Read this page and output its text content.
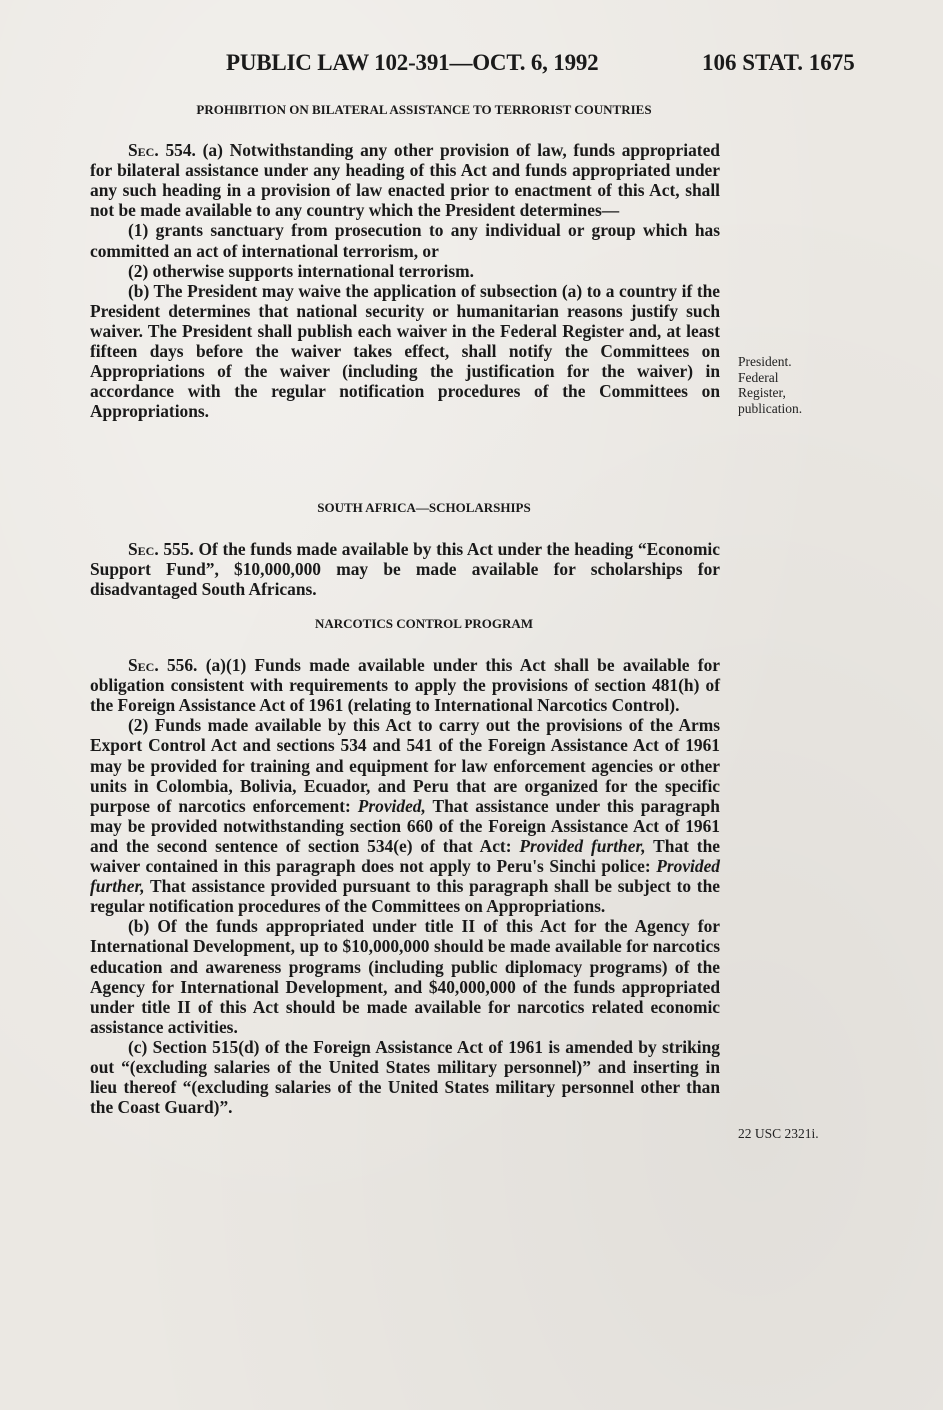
PUBLIC LAW 102-391—OCT. 6, 1992	106 STAT. 1675

PROHIBITION ON BILATERAL ASSISTANCE TO TERRORIST COUNTRIES

Sec. 554. (a) Notwithstanding any other provision of law, funds appropriated for bilateral assistance under any heading of this Act and funds appropriated under any such heading in a provision of law enacted prior to enactment of this Act, shall not be made available to any country which the President determines—

(1) grants sanctuary from prosecution to any individual or group which has committed an act of international terrorism, or

(2) otherwise supports international terrorism.

(b) The President may waive the application of subsection (a) to a country if the President determines that national security or humanitarian reasons justify such waiver. The President shall publish each waiver in the Federal Register and, at least fifteen days before the waiver takes effect, shall notify the Committees on Appropriations of the waiver (including the justification for the waiver) in accordance with the regular notification procedures of the Committees on Appropriations.

SOUTH AFRICA—SCHOLARSHIPS

Sec. 555. Of the funds made available by this Act under the heading “Economic Support Fund”, $10,000,000 may be made available for scholarships for disadvantaged South Africans.

NARCOTICS CONTROL PROGRAM

Sec. 556. (a)(1) Funds made available under this Act shall be available for obligation consistent with requirements to apply the provisions of section 481(h) of the Foreign Assistance Act of 1961 (relating to International Narcotics Control).

(2) Funds made available by this Act to carry out the provisions of the Arms Export Control Act and sections 534 and 541 of the Foreign Assistance Act of 1961 may be provided for training and equipment for law enforcement agencies or other units in Colombia, Bolivia, Ecuador, and Peru that are organized for the specific purpose of narcotics enforcement: Provided, That assistance under this paragraph may be provided notwithstanding section 660 of the Foreign Assistance Act of 1961 and the second sentence of section 534(e) of that Act: Provided further, That the waiver contained in this paragraph does not apply to Peru's Sinchi police: Provided further, That assistance provided pursuant to this paragraph shall be subject to the regular notification procedures of the Committees on Appropriations.

(b) Of the funds appropriated under title II of this Act for the Agency for International Development, up to $10,000,000 should be made available for narcotics education and awareness programs (including public diplomacy programs) of the Agency for International Development, and $40,000,000 of the funds appropriated under title II of this Act should be made available for narcotics related economic assistance activities.

(c) Section 515(d) of the Foreign Assistance Act of 1961 is amended by striking out “(excluding salaries of the United States military personnel)” and inserting in lieu thereof “(excluding salaries of the United States military personnel other than the Coast Guard)”.

President.
Federal Register,
publication.
22 USC 2321i.
